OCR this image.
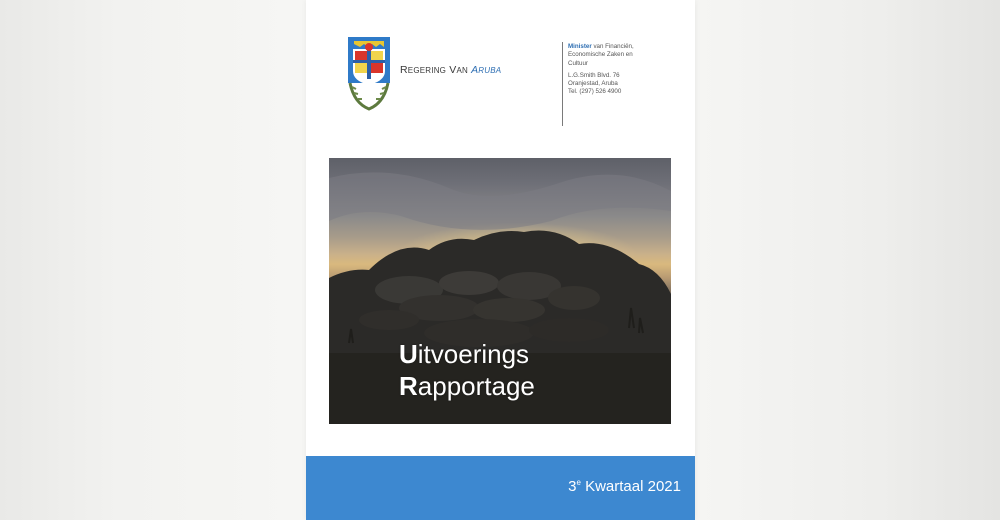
REGERING VAN ARUBA
Minister van Financiën,
Economische Zaken en
Cultuur
L.G.Smith Blvd. 76
Oranjestad, Aruba
Tel. (297) 526 4900
Uitvoerings
Rapportage
3e Kwartaal 2021
